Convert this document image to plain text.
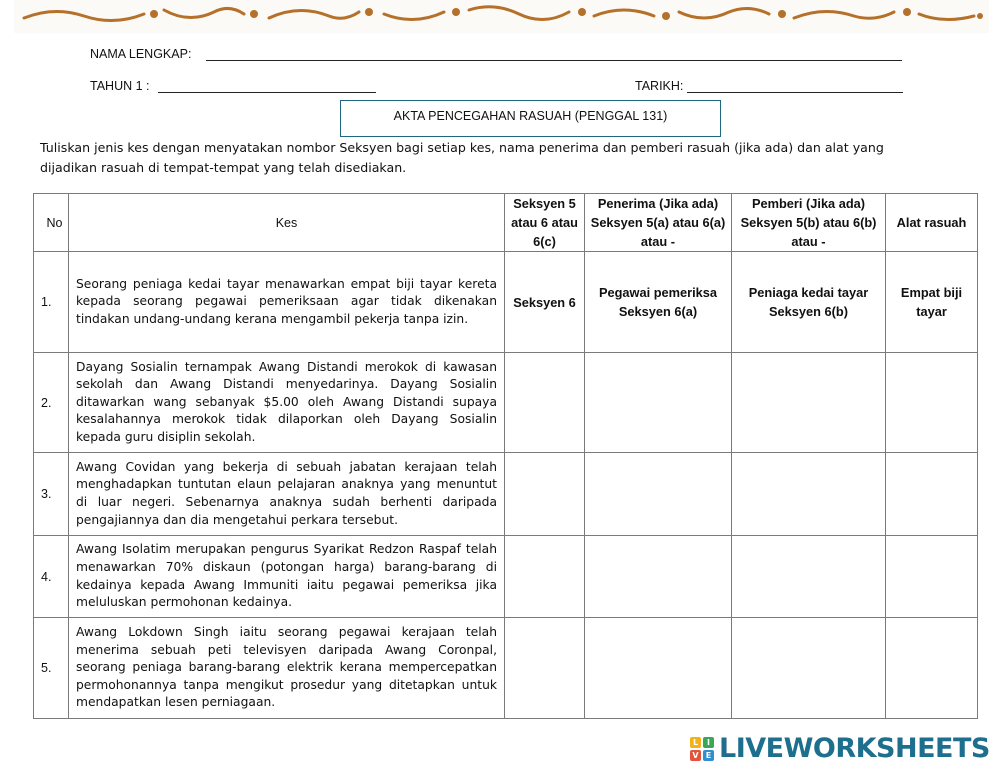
NAMA LENGKAP:
TAHUN 1 :	TARIKH:
AKTA PENCEGAHAN RASUAH (PENGGAL 131)
Tuliskan jenis kes dengan menyatakan nombor Seksyen bagi setiap kes, nama penerima dan pemberi rasuah (jika ada) dan alat yang dijadikan rasuah di tempat-tempat yang telah disediakan.
No	Kes	Seksyen 5 atau 6 atau 6(c)	Penerima (Jika ada) Seksyen 5(a) atau 6(a) atau -	Pemberi (Jika ada) Seksyen 5(b) atau 6(b) atau -	Alat rasuah
1.	Seorang peniaga kedai tayar menawarkan empat biji tayar kereta kepada seorang pegawai pemeriksaan agar tidak dikenakan tindakan undang-undang kerana mengambil pekerja tanpa izin.	Seksyen 6	Pegawai pemeriksa Seksyen 6(a)	Peniaga kedai tayar Seksyen 6(b)	Empat biji tayar
2.	Dayang Sosialin ternampak Awang Distandi merokok di kawasan sekolah dan Awang Distandi menyedarinya. Dayang Sosialin ditawarkan wang sebanyak $5.00 oleh Awang Distandi supaya kesalahannya merokok tidak dilaporkan oleh Dayang Sosialin kepada guru disiplin sekolah.				
3.	Awang Covidan yang bekerja di sebuah jabatan kerajaan telah menghadapkan tuntutan elaun pelajaran anaknya yang menuntut di luar negeri. Sebenarnya anaknya sudah berhenti daripada pengajiannya dan dia mengetahui perkara tersebut.				
4.	Awang Isolatim merupakan pengurus Syarikat Redzon Raspaf telah menawarkan 70% diskaun (potongan harga) barang-barang di kedainya kepada Awang Immuniti iaitu pegawai pemeriksa jika meluluskan permohonan kedainya.				
5.	Awang Lokdown Singh iaitu seorang pegawai kerajaan telah menerima sebuah peti televisyen daripada Awang Coronpal, seorang peniaga barang-barang elektrik kerana mempercepatkan permohonannya tanpa mengikut prosedur yang ditetapkan untuk mendapatkan lesen perniagaan.				
L	I
V E LIVEWORKSHEETS
